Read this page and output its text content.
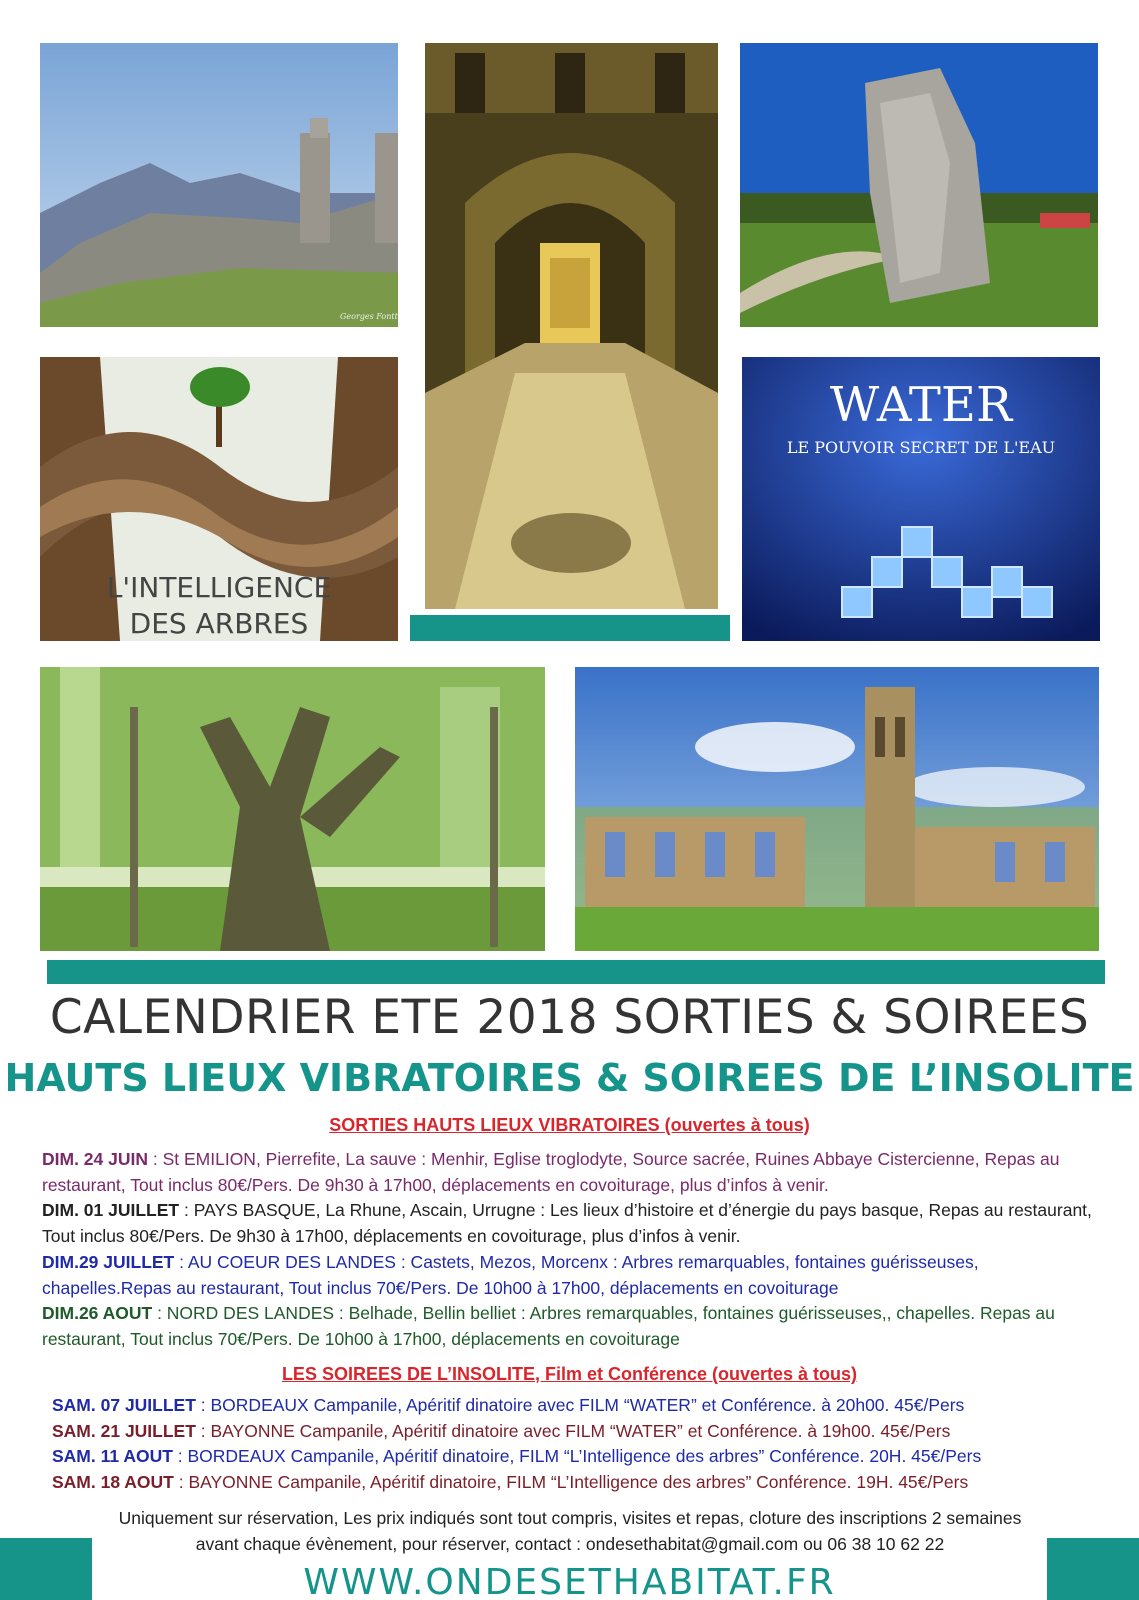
Georges Fontt
L'INTELLIGENCE
DES ARBRES
WATER
LE POUVOIR SECRET DE L'EAU
CALENDRIER ETE 2018 SORTIES & SOIREES
HAUTS LIEUX VIBRATOIRES & SOIREES DE L’INSOLITE
SORTIES HAUTS LIEUX VIBRATOIRES (ouvertes à tous)

DIM. 24 JUIN : St EMILION, Pierrefite, La sauve : Menhir, Eglise troglodyte, Source sacrée, Ruines Abbaye Cistercienne, Repas au restaurant, Tout inclus 80€/Pers. De 9h30 à 17h00, déplacements en covoiturage, plus d’infos à venir.

DIM. 01 JUILLET : PAYS BASQUE, La Rhune, Ascain, Urrugne : Les lieux d’histoire et d’énergie du pays basque, Repas au restaurant, Tout inclus 80€/Pers. De 9h30 à 17h00, déplacements en covoiturage, plus d’infos à venir.

DIM.29 JUILLET : AU COEUR DES LANDES : Castets, Mezos, Morcenx : Arbres remarquables, fontaines guérisseuses, chapelles.Repas au restaurant, Tout inclus 70€/Pers. De 10h00 à 17h00, déplacements en covoiturage

DIM.26 AOUT : NORD DES LANDES : Belhade, Bellin belliet : Arbres remarquables, fontaines guérisseuses,, chapelles. Repas au restaurant, Tout inclus 70€/Pers. De 10h00 à 17h00, déplacements en covoiturage

LES SOIREES DE L’INSOLITE, Film et Conférence (ouvertes à tous)

SAM. 07 JUILLET : BORDEAUX Campanile, Apéritif dinatoire avec FILM “WATER” et Conférence. à 20h00. 45€/Pers

SAM. 21 JUILLET : BAYONNE Campanile, Apéritif dinatoire avec FILM “WATER” et Conférence. à 19h00. 45€/Pers

SAM. 11 AOUT : BORDEAUX Campanile, Apéritif dinatoire, FILM “L’Intelligence des arbres” Conférence. 20H. 45€/Pers

SAM. 18 AOUT : BAYONNE Campanile, Apéritif dinatoire, FILM “L’Intelligence des arbres” Conférence. 19H. 45€/Pers

Uniquement sur réservation, Les prix indiqués sont tout compris, visites et repas, cloture des inscriptions 2 semaines
avant chaque évènement, pour réserver, contact : ondesethabitat@gmail.com ou 06 38 10 62 22
WWW.ONDESETHABITAT.FR
